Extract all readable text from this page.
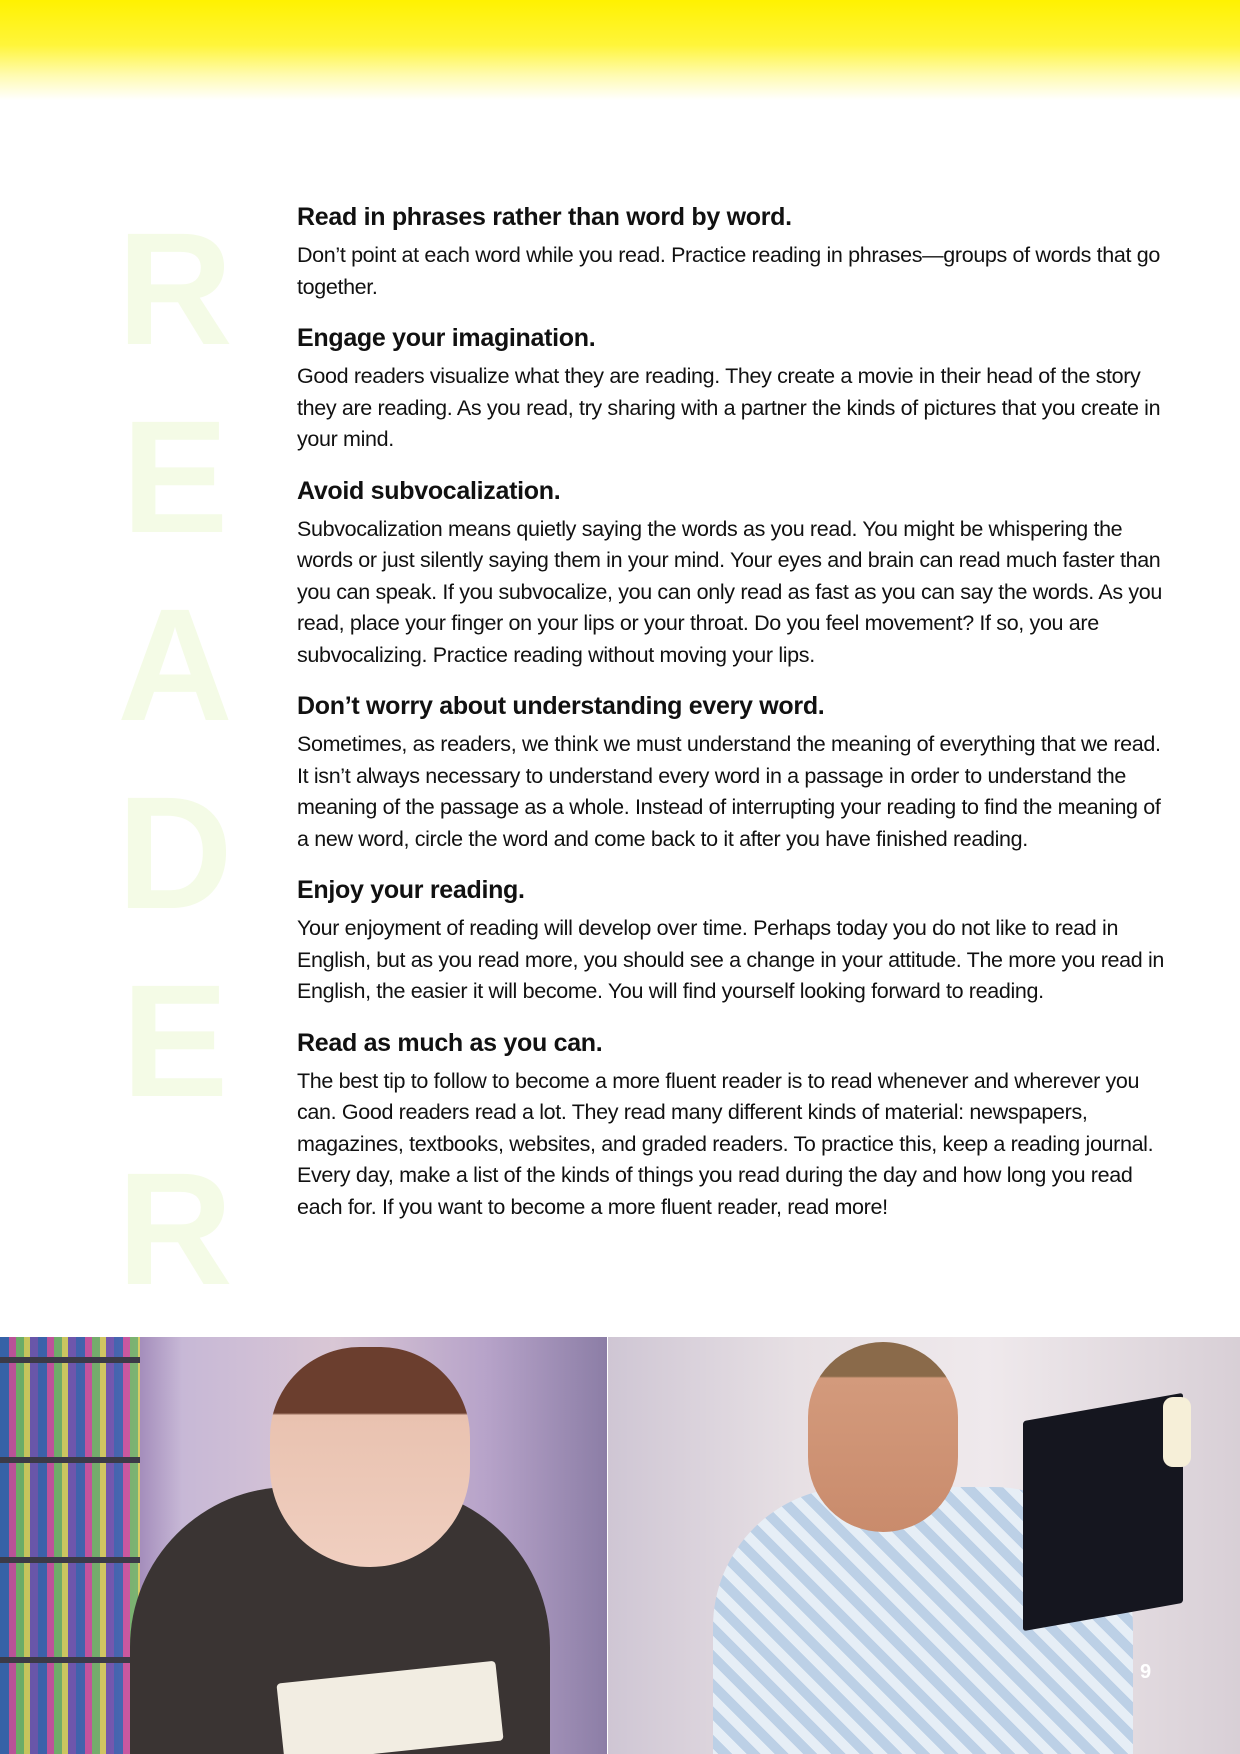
R
E
A
D
E
R
Read in phrases rather than word by word.

Don’t point at each word while you read. Practice reading in phrases—groups of words that go together.

Engage your imagination.

Good readers visualize what they are reading. They create a movie in their head of the story they are reading. As you read, try sharing with a partner the kinds of pictures that you create in your mind.

Avoid subvocalization.

Subvocalization means quietly saying the words as you read. You might be whispering the words or just silently saying them in your mind. Your eyes and brain can read much faster than you can speak. If you subvocalize, you can only read as fast as you can say the words. As you read, place your finger on your lips or your throat. Do you feel movement? If so, you are subvocalizing. Practice reading without moving your lips.

Don’t worry about understanding every word.

Sometimes, as readers, we think we must understand the meaning of everything that we read. It isn’t always necessary to understand every word in a passage in order to understand the meaning of the passage as a whole. Instead of interrupting your reading to find the meaning of a new word, circle the word and come back to it after you have finished reading.

Enjoy your reading.

Your enjoyment of reading will develop over time. Perhaps today you do not like to read in English, but as you read more, you should see a change in your attitude. The more you read in English, the easier it will become. You will find yourself looking forward to reading.

Read as much as you can.

The best tip to follow to become a more fluent reader is to read whenever and wherever you can. Good readers read a lot. They read many different kinds of material: newspapers, magazines, textbooks, websites, and graded readers. To practice this, keep a reading journal. Every day, make a list of the kinds of things you read during the day and how long you read each for. If you want to become a more fluent reader, read more!

9
